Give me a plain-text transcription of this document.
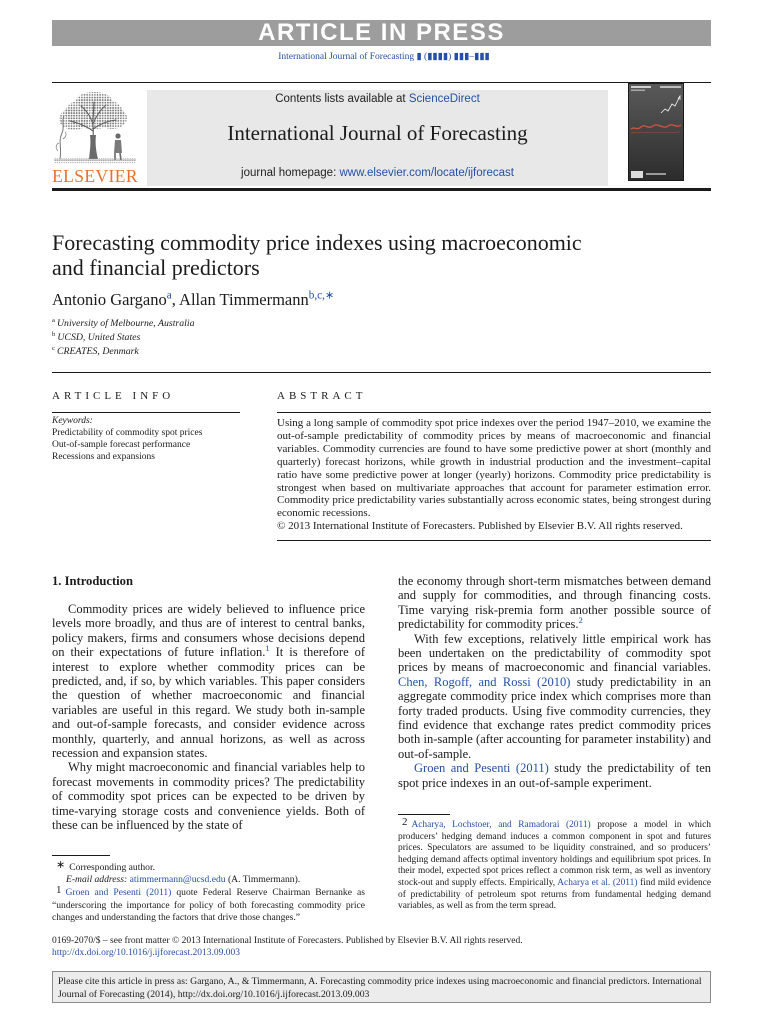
ARTICLE IN PRESS
International Journal of Forecasting ▮ (▮▮▮▮) ▮▮▮–▮▮▮
ELSEVIER
Contents lists available at ScienceDirect
International Journal of Forecasting
journal homepage: www.elsevier.com/locate/ijforecast
Forecasting commodity price indexes using macroeconomic and financial predictors
Antonio Gargano$^a$, Allan Timmermann$^{b,c,∗}$
$^a$ University of Melbourne, Australia
$^b$ UCSD, United States
$^c$ CREATES, Denmark
ARTICLE INFO	ABSTRACT
Keywords:
Predictability of commodity spot prices
Out-of-sample forecast performance
Recessions and expansions
Using a long sample of commodity spot price indexes over the period 1947–2010, we examine the out-of-sample predictability of commodity prices by means of macroeconomic and financial variables. Commodity currencies are found to have some predictive power at short (monthly and quarterly) forecast horizons, while growth in industrial production and the investment–capital ratio have some predictive power at longer (yearly) horizons. Commodity price predictability is strongest when based on multivariate approaches that account for parameter estimation error. Commodity price predictability varies substantially across economic states, being strongest during economic recessions.
© 2013 International Institute of Forecasters. Published by Elsevier B.V. All rights reserved.
1. Introduction

Commodity prices are widely believed to influence price levels more broadly, and thus are of interest to central banks, policy makers, firms and consumers whose decisions depend on their expectations of future inflation.$^1$ It is therefore of interest to explore whether commodity prices can be predicted, and, if so, by which variables. This paper considers the question of whether macroeconomic and financial variables are useful in this regard. We study both in-sample and out-of-sample forecasts, and consider evidence across monthly, quarterly, and annual horizons, as well as across recession and expansion states.

Why might macroeconomic and financial variables help to forecast movements in commodity prices? The predictability of commodity spot prices can be expected to be driven by time-varying storage costs and convenience yields. Both of these can be influenced by the state of

the economy through short-term mismatches between demand and supply for commodities, and through financing costs. Time varying risk-premia form another possible source of predictability for commodity prices.$^2$

With few exceptions, relatively little empirical work has been undertaken on the predictability of commodity spot prices by means of macroeconomic and financial variables. Chen, Rogoff, and Rossi (2010) study predictability in an aggregate commodity price index which comprises more than forty traded products. Using five commodity currencies, they find evidence that exchange rates predict commodity prices both in-sample (after accounting for parameter instability) and out-of-sample.

Groen and Pesenti (2011) study the predictability of ten spot price indexes in an out-of-sample experiment.

2 Acharya, Lochstoer, and Ramadorai (2011) propose a model in which producers’ hedging demand induces a common component in spot and futures prices. Speculators are assumed to be liquidity constrained, and so producers’ hedging demand affects optimal inventory holdings and equilibrium spot prices. In their model, expected spot prices reflect a common risk term, as well as inventory stock-out and supply effects. Empirically, Acharya et al. (2011) find mild evidence of predictability of petroleum spot returns from fundamental hedging demand variables, as well as from the term spread.
∗ Corresponding author.
E-mail address: atimmermann@ucsd.edu (A. Timmermann).
1 Groen and Pesenti (2011) quote Federal Reserve Chairman Bernanke as “underscoring the importance for policy of both forecasting commodity price changes and understanding the factors that drive those changes.”
0169-2070/$ – see front matter © 2013 International Institute of Forecasters. Published by Elsevier B.V. All rights reserved.
http://dx.doi.org/10.1016/j.ijforecast.2013.09.003
Please cite this article in press as: Gargano, A., & Timmermann, A. Forecasting commodity price indexes using macroeconomic and financial predictors. International Journal of Forecasting (2014), http://dx.doi.org/10.1016/j.ijforecast.2013.09.003
